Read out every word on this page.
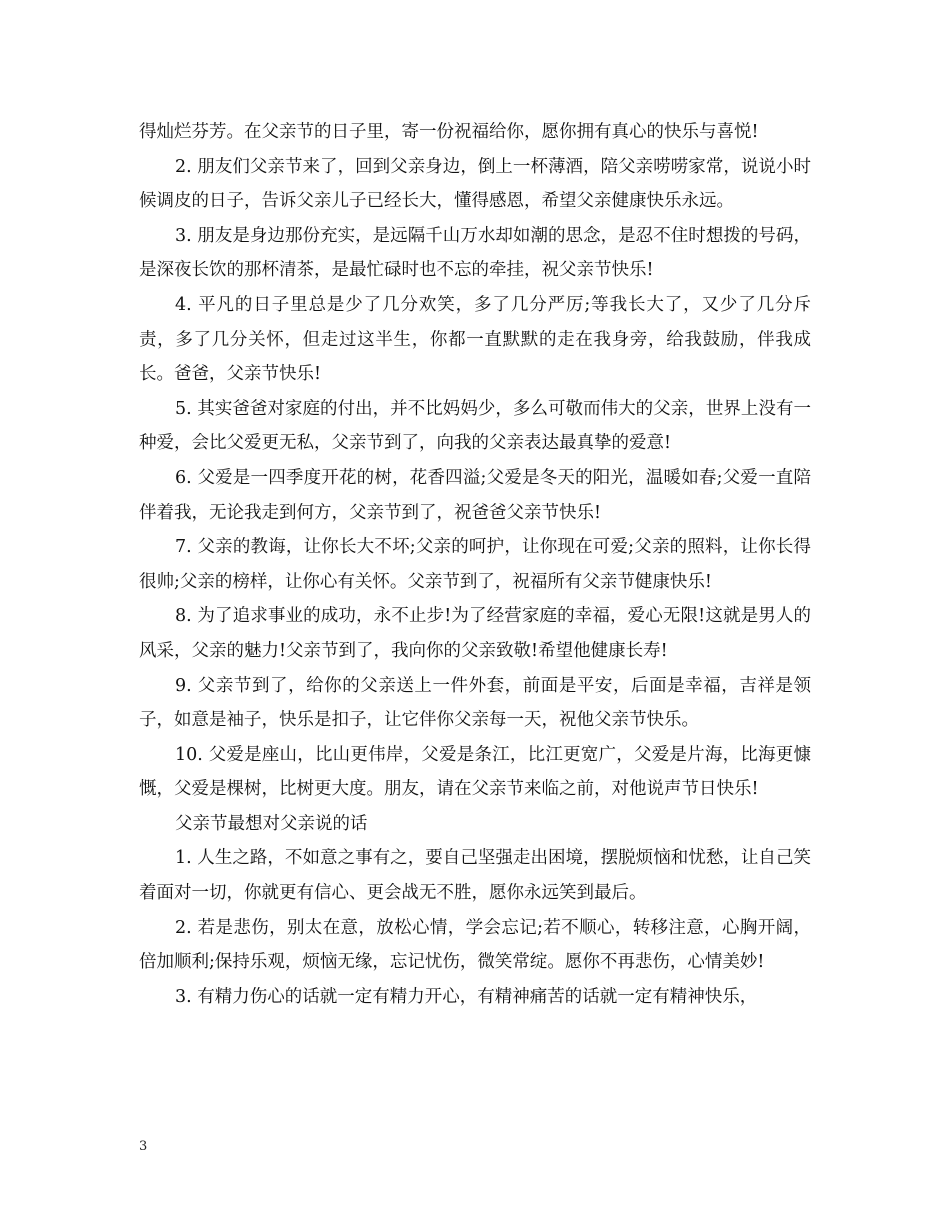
得灿烂芬芳。在父亲节的日子里，寄一份祝福给你，愿你拥有真心的快乐与喜悦!

2. 朋友们父亲节来了，回到父亲身边，倒上一杯薄酒，陪父亲唠唠家常，说说小时候调皮的日子，告诉父亲儿子已经长大，懂得感恩，希望父亲健康快乐永远。

3. 朋友是身边那份充实，是远隔千山万水却如潮的思念，是忍不住时想拨的号码，是深夜长饮的那杯清茶，是最忙碌时也不忘的牵挂，祝父亲节快乐!

4. 平凡的日子里总是少了几分欢笑，多了几分严厉;等我长大了，又少了几分斥责，多了几分关怀，但走过这半生，你都一直默默的走在我身旁，给我鼓励，伴我成长。爸爸，父亲节快乐!

5. 其实爸爸对家庭的付出，并不比妈妈少，多么可敬而伟大的父亲，世界上没有一种爱，会比父爱更无私，父亲节到了，向我的父亲表达最真挚的爱意!

6. 父爱是一四季度开花的树，花香四溢;父爱是冬天的阳光，温暖如春;父爱一直陪伴着我，无论我走到何方，父亲节到了，祝爸爸父亲节快乐!

7. 父亲的教诲，让你长大不坏;父亲的呵护，让你现在可爱;父亲的照料，让你长得很帅;父亲的榜样，让你心有关怀。父亲节到了，祝福所有父亲节健康快乐!

8. 为了追求事业的成功，永不止步!为了经营家庭的幸福，爱心无限!这就是男人的风采，父亲的魅力!父亲节到了，我向你的父亲致敬!希望他健康长寿!

9. 父亲节到了，给你的父亲送上一件外套，前面是平安，后面是幸福，吉祥是领子，如意是袖子，快乐是扣子，让它伴你父亲每一天，祝他父亲节快乐。

10. 父爱是座山，比山更伟岸，父爱是条江，比江更宽广，父爱是片海，比海更慷慨，父爱是棵树，比树更大度。朋友，请在父亲节来临之前，对他说声节日快乐!

父亲节最想对父亲说的话

1. 人生之路，不如意之事有之，要自己坚强走出困境，摆脱烦恼和忧愁，让自己笑着面对一切，你就更有信心、更会战无不胜，愿你永远笑到最后。

2. 若是悲伤，别太在意，放松心情，学会忘记;若不顺心，转移注意，心胸开阔，倍加顺利;保持乐观，烦恼无缘，忘记忧伤，微笑常绽。愿你不再悲伤，心情美妙!

3. 有精力伤心的话就一定有精力开心，有精神痛苦的话就一定有精神快乐，

3
